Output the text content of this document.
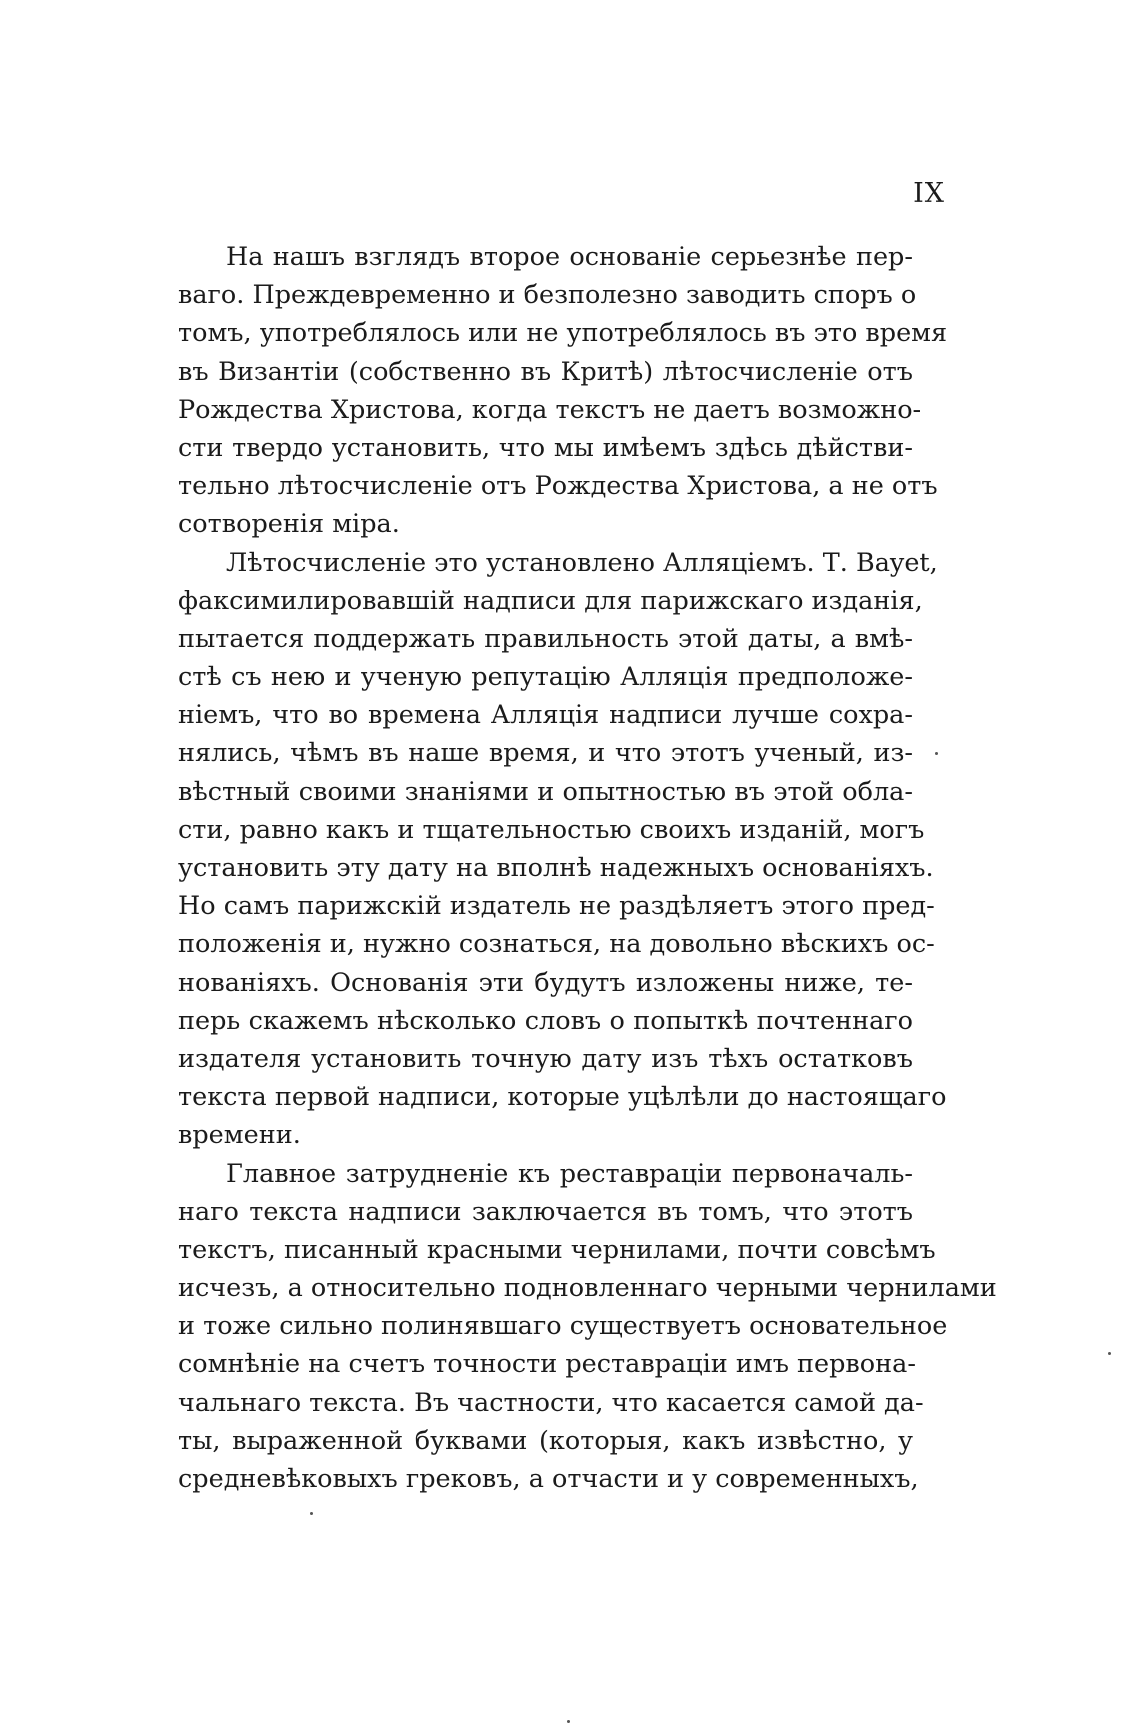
IX
На нашъ взглядъ второе основаніе серьезнѣе пер-
ваго. Преждевременно и безполезно заводить споръ о
томъ, употреблялось или не употреблялось въ это время
въ Византіи (собственно въ Критѣ) лѣтосчисленіе отъ
Рождества Христова, когда текстъ не даетъ возможно-
сти твердо установить, что мы имѣемъ здѣсь дѣйстви-
тельно лѣтосчисленіе отъ Рождества Христова, а не отъ
сотворенія міра.
Лѣтосчисленіе это установлено Алляціемъ. Т. Bayet,
факсимилировавшій надписи для парижскаго изданія,
пытается поддержать правильность этой даты, а вмѣ-
стѣ съ нею и ученую репутацію Алляція предположе-
ніемъ, что во времена Алляція надписи лучше сохра-
нялись, чѣмъ въ наше время, и что этотъ ученый, из-
вѣстный своими знаніями и опытностью въ этой обла-
сти, равно какъ и тщательностью своихъ изданій, могъ
установить эту дату на вполнѣ надежныхъ основаніяхъ.
Но самъ парижскій издатель не раздѣляетъ этого пред-
положенія и, нужно сознаться, на довольно вѣскихъ ос-
нованіяхъ. Основанія эти будутъ изложены ниже, те-
перь скажемъ нѣсколько словъ о попыткѣ почтеннаго
издателя установить точную дату изъ тѣхъ остатковъ
текста первой надписи, которые уцѣлѣли до настоящаго
времени.
Главное затрудненіе къ реставраціи первоначаль-
наго текста надписи заключается въ томъ, что этотъ
текстъ, писанный красными чернилами, почти совсѣмъ
исчезъ, а относительно подновленнаго черными чернилами
и тоже сильно полинявшаго существуетъ основательное
сомнѣніе на счетъ точности реставраціи имъ первона-
чальнаго текста. Въ частности, что касается самой да-
ты, выраженной буквами (которыя, какъ извѣстно, у
средневѣковыхъ грековъ, а отчасти и у современныхъ,
